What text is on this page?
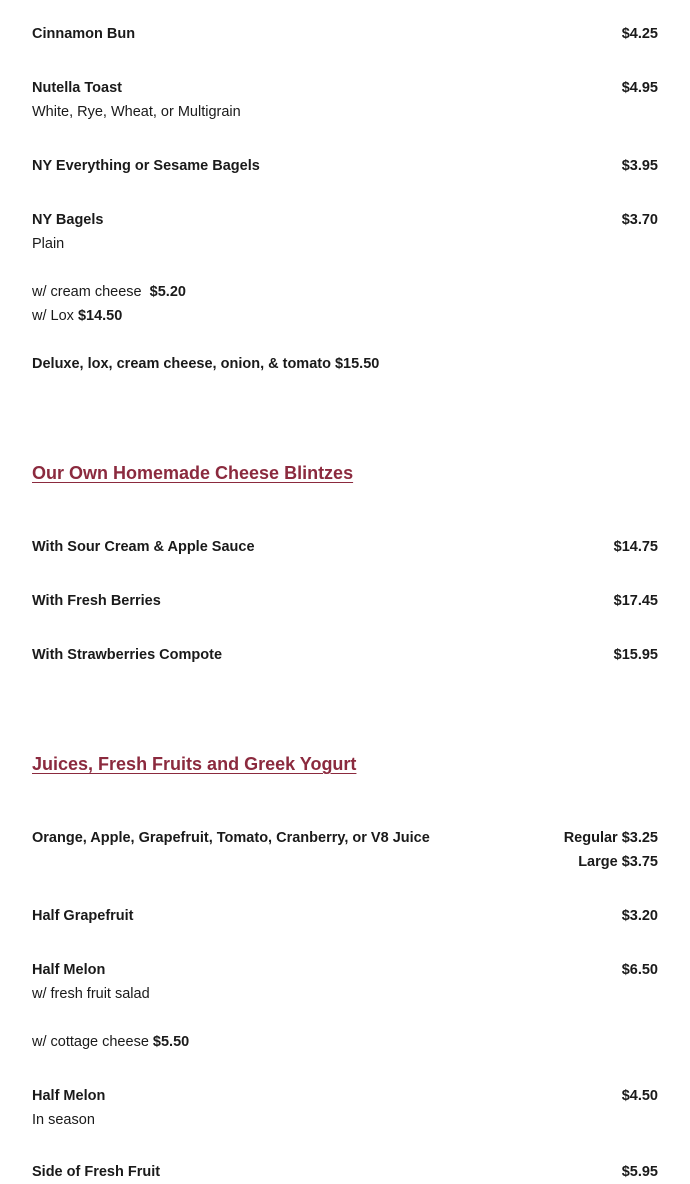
Cinnamon Bun	$4.25
Nutella Toast	$4.95
White, Rye, Wheat, or Multigrain
NY Everything or Sesame Bagels	$3.95
NY Bagels	$3.70
Plain
w/ cream cheese $5.20
w/ Lox $14.50
Deluxe, lox, cream cheese, onion, & tomato $15.50
Our Own Homemade Cheese Blintzes
With Sour Cream & Apple Sauce	$14.75
With Fresh Berries	$17.45
With Strawberries Compote	$15.95
Juices, Fresh Fruits and Greek Yogurt
Orange, Apple, Grapefruit, Tomato, Cranberry, or V8 Juice	Regular $3.25
Large $3.75
Half Grapefruit	$3.20
Half Melon	$6.50
w/ fresh fruit salad
w/ cottage cheese $5.50
Half Melon	$4.50
In season
Side of Fresh Fruit	$5.95
